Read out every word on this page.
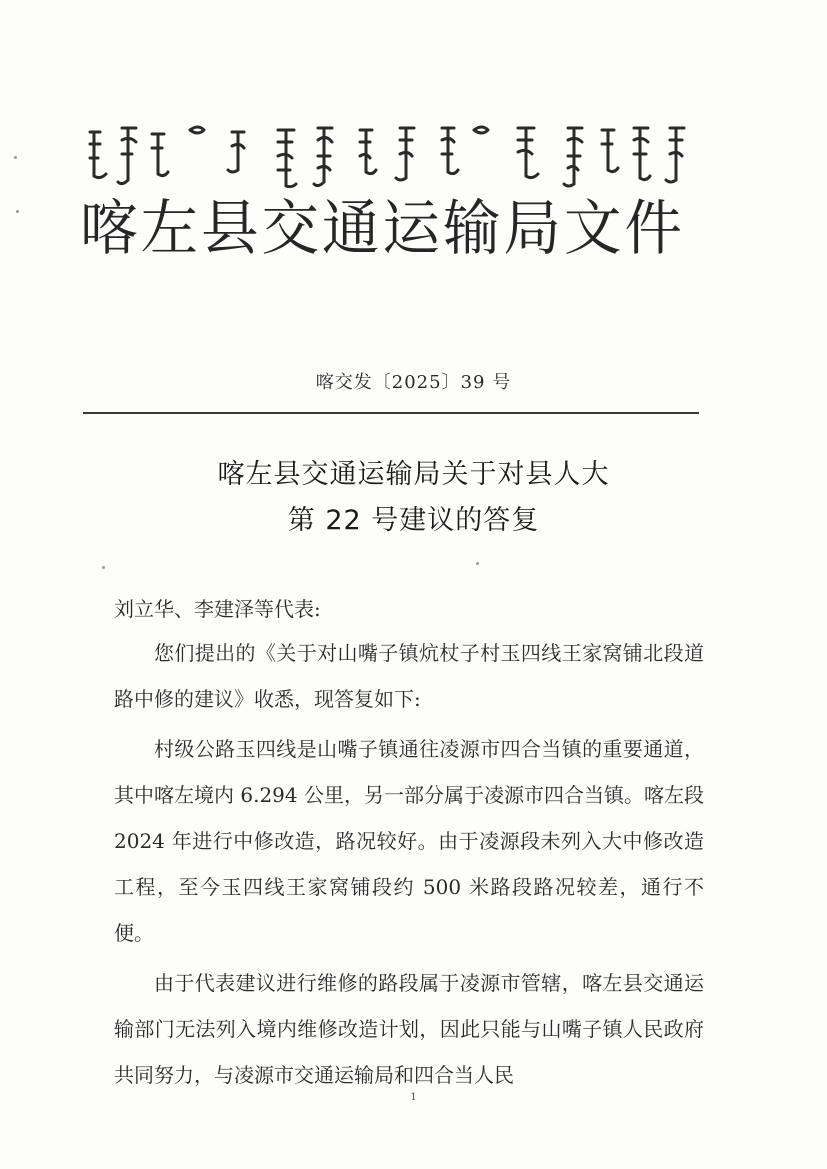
喀左县交通运输局文件
喀交发〔2025〕39 号
喀左县交通运输局关于对县人大
第 22 号建议的答复
刘立华、李建泽等代表:

您们提出的《关于对山嘴子镇炕杖子村玉四线王家窝铺北段道路中修的建议》收悉，现答复如下:

村级公路玉四线是山嘴子镇通往凌源市四合当镇的重要通道，其中喀左境内 6.294 公里，另一部分属于凌源市四合当镇。喀左段 2024 年进行中修改造，路况较好。由于凌源段未列入大中修改造工程，至今玉四线王家窝铺段约 500 米路段路况较差，通行不便。

由于代表建议进行维修的路段属于凌源市管辖，喀左县交通运输部门无法列入境内维修改造计划，因此只能与山嘴子镇人民政府共同努力，与凌源市交通运输局和四合当人民

1
